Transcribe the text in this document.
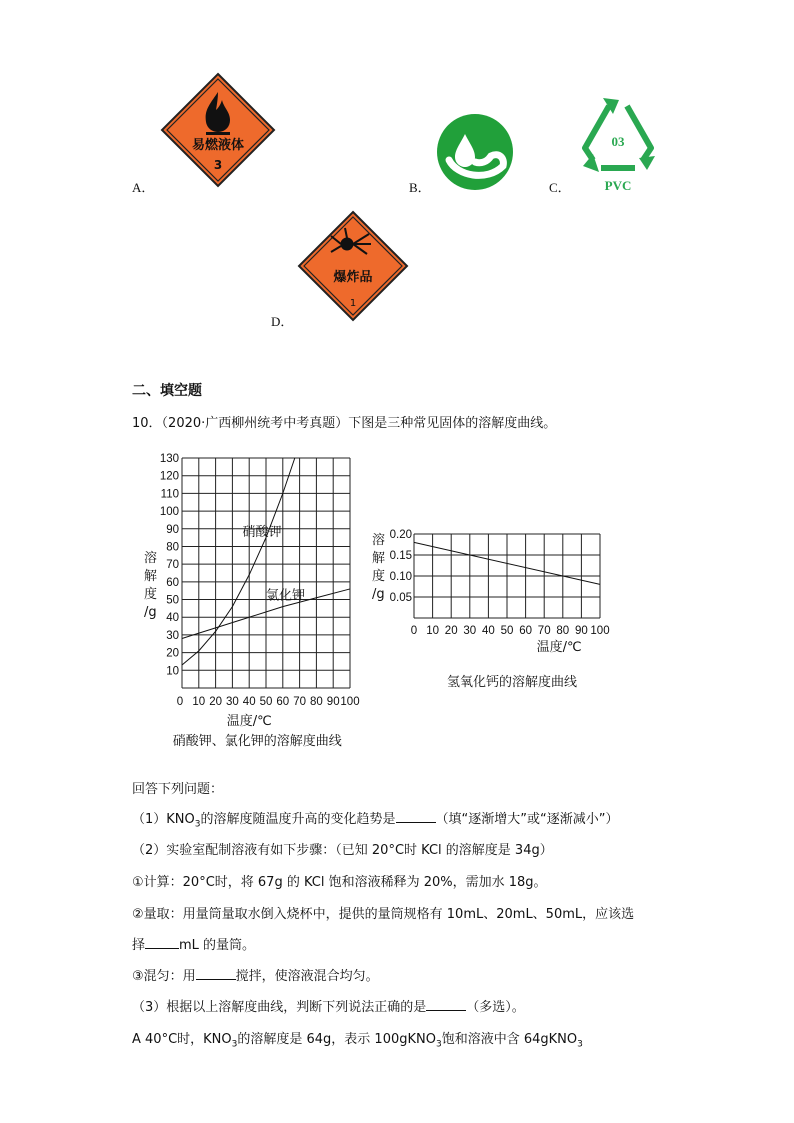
易燃液体
3
A．	B．
03
PVC
C．
爆炸品
1
D．
二、填空题
10．（2020·广西柳州统考中考真题）下图是三种常见固体的溶解度曲线。
10
20
30
40
50
60
70
80
90
100
110
120
130
0 10 20 30 40 50 60 70 80 90 100
硝酸钾
氯化钾
溶
解
度
/g
温度/℃
硝酸钾、氯化钾的溶解度曲线
0.05
0.10
0.15
0.20
0 10 20 30 40 50 60 70 80 90 100
溶
解
度
/g
温度/℃
氢氧化钙的溶解度曲线
回答下列问题：
$(1)KNO_3$的溶解度随温度升高的变化趋势是	（填“逐渐增大”或“逐渐减小”）
（2）实验室配制溶液有如下步骤：（已知 20°C时 KCl 的溶解度是 34g）
①计算：20°C时，将 67g 的 KCl 饱和溶液稀释为 20%，需加水 18g。
②量取：用量筒量取水倒入烧杯中，提供的量筒规格有 10mL、20mL、50mL，应该选
择	mL 的量筒。
③混匀：用	搅拌，使溶液混合均匀。
（3）根据以上溶解度曲线，判断下列说法正确的是	（多选）。
A 40°C时，$KNO_3$的溶解度是 64g，表示 100gKNO$_3$饱和溶液中含 64gKNO$_3$
